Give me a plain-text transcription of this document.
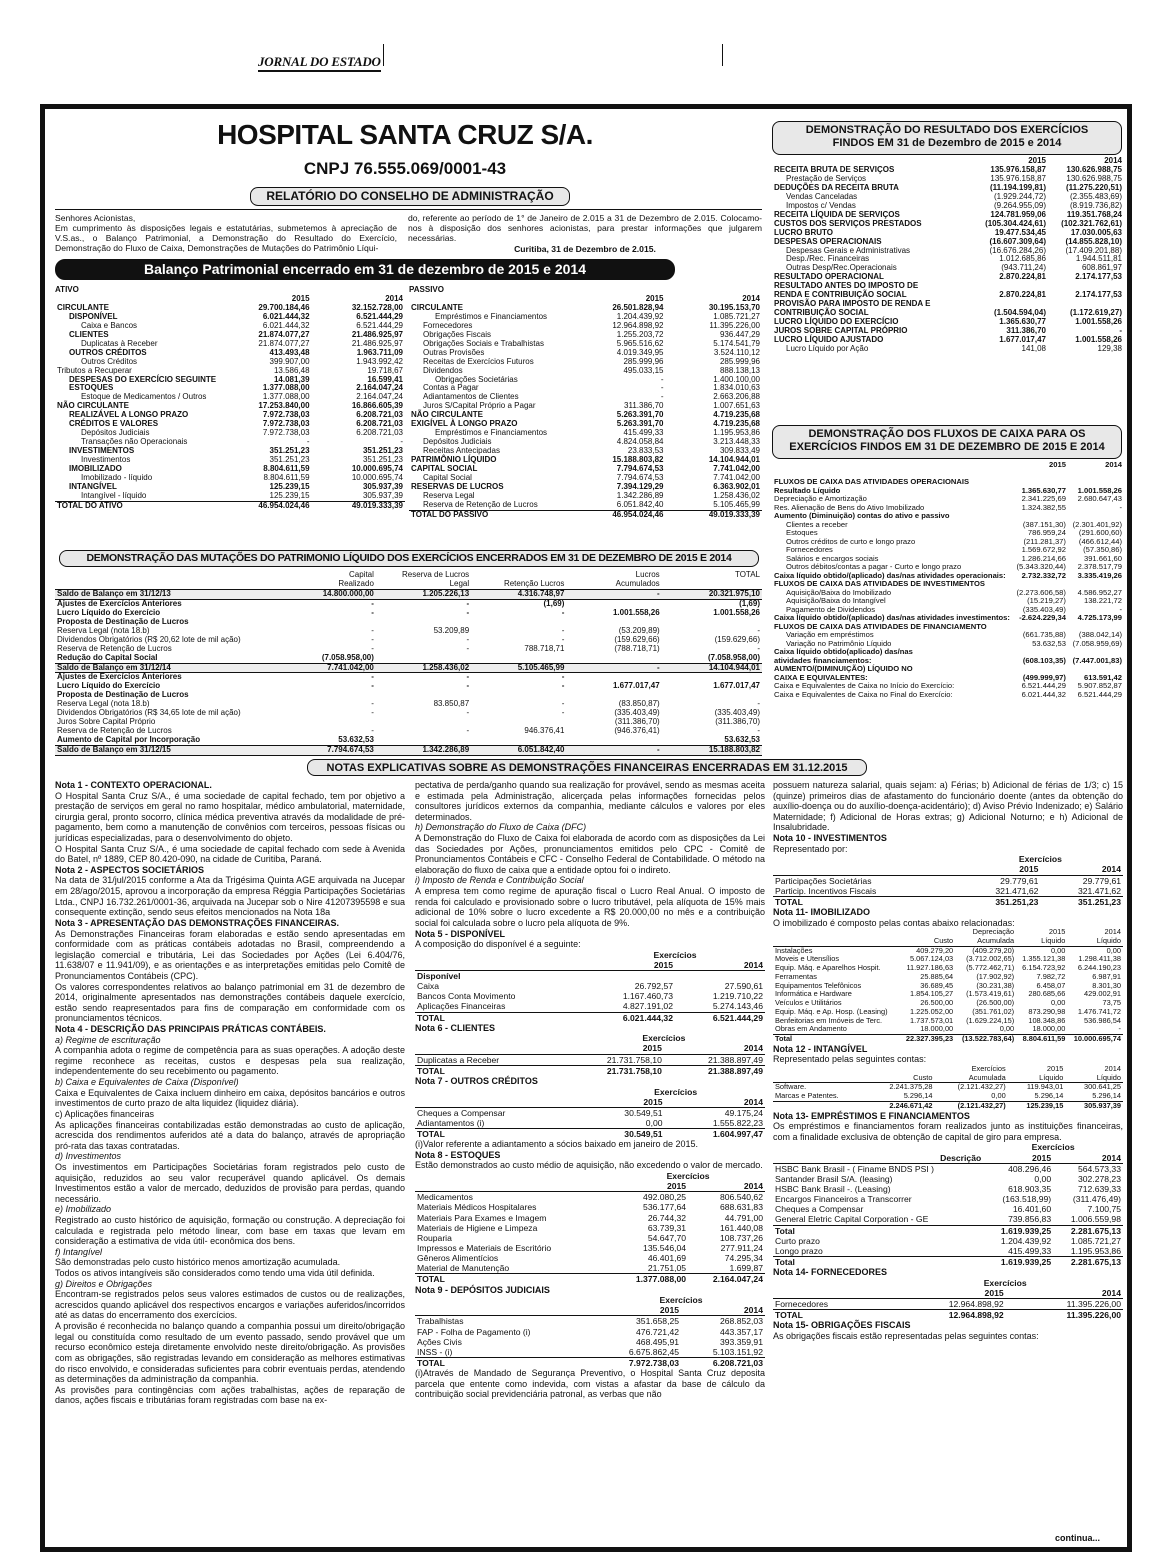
JORNAL DO ESTADO
HOSPITAL SANTA CRUZ S/A.
CNPJ 76.555.069/0001-43
RELATÓRIO DO CONSELHO DE ADMINISTRAÇÃO
Senhores Acionistas,
Em cumprimento às disposições legais e estatutárias, submetemos à apreciação de V.S.as., o Balanço Patrimonial, a Demonstração do Resultado do Exercício, Demonstração do Fluxo de Caixa, Demonstrações de Mutações do Patrimônio Líqui-
do, referente ao período de 1° de Janeiro de 2.015 a 31 de Dezembro de 2.015. Colocamo-nos à disposição dos senhores acionistas, para prestar informações que julgarem necessárias.
Curitiba, 31 de Dezembro de 2.015.
Balanço Patrimonial encerrado em 31 de dezembro de 2015 e 2014
ATIVO
	2015	2014
CIRCULANTE	29.700.184,46	32.152.728,00
DISPONÍVEL	6.021.444,32	6.521.444,29
Caixa e Bancos	6.021.444,32	6.521.444,29
CLIENTES	21.874.077,27	21.486.925,97
Duplicatas à Receber	21.874.077,27	21.486.925,97
OUTROS CRÉDITOS	413.493,48	1.963.711,09
Outros Créditos	399.907,00	1.943.992,42
Tributos a Recuperar	13.586,48	19.718,67
DESPESAS DO EXERCÍCIO SEGUINTE	14.081,39	16.599,41
ESTOQUES	1.377.088,00	2.164.047,24
Estoque de Medicamentos / Outros	1.377.088,00	2.164.047,24
NÃO CIRCULANTE	17.253.840,00	16.866.605,39
REALIZÁVEL A LONGO PRAZO	7.972.738,03	6.208.721,03
CRÉDITOS E VALORES	7.972.738,03	6.208.721,03
Depósitos Judiciais	7.972.738,03	6.208.721,03
Transações não Operacionais	-	-
INVESTIMENTOS	351.251,23	351.251,23
Investimentos	351.251,23	351.251,23
IMOBILIZADO	8.804.611,59	10.000.695,74
Imobilizado - líquido	8.804.611,59	10.000.695,74
INTANGÍVEL	125.239,15	305.937,39
Intangível - líquido	125.239,15	305.937,39
TOTAL DO ATIVO	46.954.024,46	49.019.333,39
PASSIVO
	2015	2014
CIRCULANTE	26.501.828,94	30.195.153,70
Empréstimos e Financiamentos	1.204.439,92	1.085.721,27
Fornecedores	12.964.898,92	11.395.226,00
Obrigações Fiscais	1.255.203,72	936.447,29
Obrigações Sociais e Trabalhistas	5.965.516,62	5.174.541,79
Outras Provisões	4.019.349,95	3.524.110,12
Receitas de Exercícios Futuros	285.999,96	285.999,96
Dividendos	495.033,15	888.138,13
Obrigações Societárias	-	1.400.100,00
Contas a Pagar	-	1.834.010,63
Adiantamentos de Clientes	-	2.663.206,88
Juros S/Capital Próprio a Pagar	311.386,70	1.007.651,63
NÃO CIRCULANTE	5.263.391,70	4.719.235,68
EXIGÍVEL À LONGO PRAZO	5.263.391,70	4.719.235,68
Empréstimos e Financiamentos	415.499,33	1.195.953,86
Depósitos Judiciais	4.824.058,84	3.213.448,33
Receitas Antecipadas	23.833,53	309.833,49
PATRIMÔNIO LÍQUIDO	15.188.803,82	14.104.944,01
CAPITAL SOCIAL	7.794.674,53	7.741.042,00
Capital Social	7.794.674,53	7.741.042,00
RESERVAS DE LUCROS	7.394.129,29	6.363.902,01
Reserva Legal	1.342.286,89	1.258.436,02
Reserva de Retenção de Lucros	6.051.842,40	5.105.465,99
TOTAL DO PASSIVO	46.954.024,46	49.019.333,39
DEMONSTRAÇÃO DAS MUTAÇÕES DO PATRIMONIO LÍQUIDO DOS EXERCÍCIOS ENCERRADOS EM 31 DE DEZEMBRO DE 2015 E 2014
	Capital	Reserva de Lucros		Lucros	TOTAL
	Realizado	Legal	Retenção Lucros	Acumulados	
Saldo de Balanço em 31/12/13	14.800.000,00	1.205.226,13	4.316.748,97	-	20.321.975,10
Ajustes de Exercícios Anteriores	-	-	(1,69)		(1,69)
Lucro Líquido do Exercício	-	-	-	1.001.558,26	1.001.558,26
Proposta de Destinação de Lucros					
Reserva Legal (nota 18.b)	-	53.209,89	-	(53.209,89)	-
Dividendos Obrigatórios (R$ 20,62 lote de mil ação)	-	-	-	(159.629,66)	(159.629,66)
Reserva de Retenção de Lucros	-	-	788.718,71	(788.718,71)	-
Redução do Capital Social	(7.058.958,00)				(7.058.958,00)
Saldo de Balanço em 31/12/14	7.741.042,00	1.258.436,02	5.105.465,99	-	14.104.944,01
Ajustes de Exercícios Anteriores	-	-	-		
Lucro Líquido do Exercício	-	-	-	1.677.017,47	1.677.017,47
Proposta de Destinação de Lucros					
Reserva Legal (nota 18.b)	-	83.850,87	-	(83.850,87)	-
Dividendos Obrigatórios (R$ 34,65 lote de mil ação)	-	-	-	(335.403,49)	(335.403,49)
Juros Sobre Capital Próprio				(311.386,70)	(311.386,70)
Reserva de Retenção de Lucros	-	-	946.376,41	(946.376,41)	-
Aumento de Capital por Incorporação	53.632,53				53.632,53
Saldo de Balanço em 31/12/15	7.794.674,53	1.342.286,89	6.051.842,40	-	15.188.803,82
DEMONSTRAÇÃO DO RESULTADO DOS EXERCÍCIOS FINDOS EM 31 de Dezembro de 2015 e 2014
	2015	2014
RECEITA BRUTA DE SERVIÇOS	135.976.158,87	130.626.988,75
Prestação de Serviços	135.976.158,87	130.626.988,75
DEDUÇÕES DA RECEITA BRUTA	(11.194.199,81)	(11.275.220,51)
Vendas Canceladas	(1.929.244,72)	(2.355.483,69)
Impostos c/ Vendas	(9.264.955,09)	(8.919.736,82)
RECEITA LÍQUIDA DE SERVIÇOS	124.781.959,06	119.351.768,24
CUSTOS DOS SERVIÇOS PRESTADOS	(105.304.424,61)	(102.321.762,61)
LUCRO BRUTO	19.477.534,45	17.030.005,63
DESPESAS OPERACIONAIS	(16.607.309,64)	(14.855.828,10)
Despesas Gerais e Administrativas	(16.676.284,26)	(17.409.201,88)
Desp./Rec. Financeiras	1.012.685,86	1.944.511,81
Outras Desp/Rec.Operacionais	(943.711,24)	608.861,97
RESULTADO OPERACIONAL	2.870.224,81	2.174.177,53
RESULTADO ANTES DO IMPOSTO DE		
RENDA E CONTRIBUIÇÃO SOCIAL	2.870.224,81	2.174.177,53
PROVISÃO PARA IMPOSTO DE RENDA E		
CONTRIBUIÇÃO SOCIAL	(1.504.594,04)	(1.172.619,27)
LUCRO LÍQUIDO DO EXERCÍCIO	1.365.630,77	1.001.558,26
JUROS SOBRE CAPITAL PRÓPRIO	311.386,70	-
LUCRO LÍQUIDO AJUSTADO	1.677.017,47	1.001.558,26
Lucro Líquido por Ação	141,08	129,38
DEMONSTRAÇÃO DOS FLUXOS DE CAIXA PARA OS EXERCÍCIOS FINDOS EM 31 DE DEZEMBRO DE 2015 E 2014
	2015	2014

FLUXOS DE CAIXA DAS ATIVIDADES OPERACIONAIS		
Resultado Líquido	1.365.630,77	1.001.558,26
Depreciação e Amortização	2.341.225,69	2.680.647,43
Res. Alienação de Bens do Ativo Imobilizado	1.324.382,55	-
Aumento (Diminuição) contas do ativo e passivo		
Clientes a receber	(387.151,30)	(2.301.401,92)
Estoques	786.959,24	(291.600,60)
Outros créditos de curto e longo prazo	(211.281,37)	(466.612,44)
Fornecedores	1.569.672,92	(57.350,86)
Salários e encargos sociais	1.286.214,66	391.661,60
Outros débitos/contas a pagar - Curto e longo prazo	(5.343.320,44)	2.378.517,79
Caixa líquido obtido/(aplicado) das/nas atividades operacionais:	2.732.332,72	3.335.419,26
FLUXOS DE CAIXA DAS ATIVIDADES DE INVESTIMENTOS		
Aquisição/Baixa do Imobilizado	(2.273.606,58)	4.586.952,27
Aquisição/Baixa do Intangível	(15.219,27)	138.221,72
Pagamento de Dividendos	(335.403,49)	-
Caixa líquido obtido/(aplicado) das/nas atividades investimentos:	-2.624.229,34	4.725.173,99
FLUXOS DE CAIXA DAS ATIVIDADES DE FINANCIAMENTO		
Variação em empréstimos	(661.735,88)	(388.042,14)
Variação no Patrimônio Líquido	53.632,53	(7.058.959,69)
Caixa líquido obtido(aplicado) das/nas		
atividades financiamentos:	(608.103,35)	(7.447.001,83)
AUMENTO/(DIMINUIÇÃO) LÍQUIDO NO		
CAIXA E EQUIVALENTES:	(499.999,97)	613.591,42
Caixa e Equivalentes de Caixa no Início do Exercício:	6.521.444,29	5.907.852,87
Caixa e Equivalentes de Caixa no Final do Exercício:	6.021.444,32	6.521.444,29
NOTAS EXPLICATIVAS SOBRE AS DEMONSTRAÇÕES FINANCEIRAS ENCERRADAS EM 31.12.2015
Nota 1 - CONTEXTO OPERACIONAL.
O Hospital Santa Cruz S/A., é uma sociedade de capital fechado, tem por objetivo a prestação de serviços em geral no ramo hospitalar, médico ambulatorial, maternidade, cirurgia geral, pronto socorro, clínica médica preventiva através da modalidade de pré-pagamento, bem como a manutenção de convênios com terceiros, pessoas físicas ou jurídicas especializadas, para o desenvolvimento do objeto.
O Hospital Santa Cruz S/A., é uma sociedade de capital fechado com sede à Avenida do Batel, nº 1889, CEP 80.420-090, na cidade de Curitiba, Paraná.
Nota 2 - ASPECTOS SOCIETÁRIOS
Na data de 31/jul/2015 conforme a Ata da Trigésima Quinta AGE arquivada na Jucepar em 28/ago/2015, aprovou a incorporação da empresa Réggia Participações Societárias Ltda., CNPJ 16.732.261/0001-36, arquivada na Jucepar sob o Nire 41207395598 e sua consequente extinção, sendo seus efeitos mencionados na Nota 18a
Nota 3 - APRESENTAÇÃO DAS DEMONSTRAÇÕES FINANCEIRAS.
As Demonstrações Financeiras foram elaboradas e estão sendo apresentadas em conformidade com as práticas contábeis adotadas no Brasil, compreendendo a legislação comercial e tributária, Lei das Sociedades por Ações (Lei 6.404/76, 11.638/07 e 11.941/09), e as orientações e as interpretações emitidas pelo Comitê de Pronunciamentos Contábeis (CPC).
Os valores correspondentes relativos ao balanço patrimonial em 31 de dezembro de 2014, originalmente apresentados nas demonstrações contábeis daquele exercício, estão sendo reapresentados para fins de comparação em conformidade com os pronunciamentos técnicos.
Nota 4 - DESCRIÇÃO DAS PRINCIPAIS PRÁTICAS CONTÁBEIS.
a) Regime de escrituração
A companhia adota o regime de competência para as suas operações. A adoção deste regime reconhece as receitas, custos e despesas pela sua realização, independentemente do seu recebimento ou pagamento.
b) Caixa e Equivalentes de Caixa (Disponível)
Caixa e Equivalentes de Caixa incluem dinheiro em caixa, depósitos bancários e outros investimentos de curto prazo de alta liquidez (liquidez diária).
c) Aplicações financeiras
As aplicações financeiras contabilizadas estão demonstradas ao custo de aplicação, acrescida dos rendimentos auferidos até a data do balanço, através de apropriação pró-rata das taxas contratadas.
d) Investimentos
Os investimentos em Participações Societárias foram registrados pelo custo de aquisição, reduzidos ao seu valor recuperável quando aplicável. Os demais Investimentos estão a valor de mercado, deduzidos de provisão para perdas, quando necessário.
e) Imobilizado
Registrado ao custo histórico de aquisição, formação ou construção. A depreciação foi calculada e registrada pelo método linear, com base em taxas que levam em consideração a estimativa de vida útil- econômica dos bens.
f) Intangível
São demonstradas pelo custo histórico menos amortização acumulada.
Todos os ativos intangíveis são considerados como tendo uma vida útil definida.
g) Direitos e Obrigações
Encontram-se registrados pelos seus valores estimados de custos ou de realizações, acrescidos quando aplicável dos respectivos encargos e variações auferidos/incorridos até as datas do encerramento dos exercícios.
A provisão é reconhecida no balanço quando a companhia possui um direito/obrigação legal ou constituída como resultado de um evento passado, sendo provável que um recurso econômico esteja diretamente envolvido neste direito/obrigação. As provisões com as obrigações, são registradas levando em consideração as melhores estimativas do risco envolvido, e consideradas suficientes para cobrir eventuais perdas, atendendo as determinações da administração da companhia.
As provisões para contingências com ações trabalhistas, ações de reparação de danos, ações fiscais e tributárias foram registradas com base na ex-
pectativa de perda/ganho quando sua realização for provável, sendo as mesmas aceita e estimada pela Administração, alicerçada pelas informações fornecidas pelos consultores jurídicos externos da companhia, mediante cálculos e valores por eles determinados.
h) Demonstração do Fluxo de Caixa (DFC)
A Demonstração do Fluxo de Caixa foi elaborada de acordo com as disposições da Lei das Sociedades por Ações, pronunciamentos emitidos pelo CPC - Comitê de Pronunciamentos Contábeis e CFC - Conselho Federal de Contabilidade. O método na elaboração do fluxo de caixa que a entidade optou foi o indireto.
i) Imposto de Renda e Contribuição Social
A empresa tem como regime de apuração fiscal o Lucro Real Anual. O imposto de renda foi calculado e provisionado sobre o lucro tributável, pela alíquota de 15% mais adicional de 10% sobre o lucro excedente a R$ 20.000,00 no mês e a contribuição social foi calculada sobre o lucro pela alíquota de 9%.
Nota 5 - DISPONÍVEL
A composição do disponível é a seguinte:
	Exercícios	
	2015	2014
Disponível		
Caixa	26.792,57	27.590,61
Bancos Conta Movimento	1.167.460,73	1.219.710,22
Aplicações Financeiras	4.827.191,02	5.274.143,46
TOTAL	6.021.444,32	6.521.444,29
Nota 6 - CLIENTES
	Exercícios	
	2015	2014
Duplicatas a Receber	21.731.758,10	21.388.897,49
TOTAL	21.731.758,10	21.388.897,49
Nota 7 - OUTROS CRÉDITOS
	Exercícios	
	2015	2014
Cheques a Compensar	30.549,51	49.175,24
Adiantamentos (i)	0,00	1.555.822,23
TOTAL	30.549,51	1.604.997,47
(i)Valor referente a adiantamento a sócios baixado em janeiro de 2015.
Nota 8 - ESTOQUES
Estão demonstrados ao custo médio de aquisição, não excedendo o valor de mercado.
	Exercícios	
	2015	2014
Medicamentos	492.080,25	806.540,62
Materiais Médicos Hospitalares	536.177,64	688.631,83
Materiais Para Exames e Imagem	26.744,32	44.791,00
Materiais de Higiene e Limpeza	63.739,31	161.440,08
Rouparia	54.647,70	108.737,26
Impressos e Materiais de Escritório	135.546,04	277.911,24
Gêneros Alimentícios	46.401,69	74.295,34
Material de Manutenção	21.751,05	1.699,87
TOTAL	1.377.088,00	2.164.047,24
Nota 9 - DEPÓSITOS JUDICIAIS
	Exercícios	
	2015	2014
Trabalhistas	351.658,25	268.852,03
FAP - Folha de Pagamento (i)	476.721,42	443.357,17
Ações Civis	468.495,91	393.359,91
INSS - (i)	6.675.862,45	5.103.151,92
TOTAL	7.972.738,03	6.208.721,03
(i)Através de Mandado de Segurança Preventivo, o Hospital Santa Cruz deposita parcela que entente como indevida, com vistas a afastar da base de cálculo da contribuição social previdenciária patronal, as verbas que não
possuem natureza salarial, quais sejam: a) Férias; b) Adicional de férias de 1/3; c) 15 (quinze) primeiros dias de afastamento do funcionário doente (antes da obtenção do auxílio-doença ou do auxílio-doença-acidentário); d) Aviso Prévio Indenizado; e) Salário Maternidade; f) Adicional de Horas extras; g) Adicional Noturno; e h) Adicional de Insalubridade.
Nota 10 - INVESTIMENTOS
Representado por:
	Exercícios	
	2015	2014
Participações Societárias	29.779,61	29.779,61
Particip. Incentivos Fiscais	321.471,62	321.471,62
TOTAL	351.251,23	351.251,23
Nota 11- IMOBILIZADO
O imobilizado é composto pelas contas abaixo relacionadas:
		Depreciação	2015	2014
	Custo	Acumulada	Líquido	Líquido
Instalações	409.279,20	(409.279,20)	0,00	0,00
Moveis e Utensílios	5.067.124,03	(3.712.002,65)	1.355.121,38	1.298.411,38
Equip. Máq. e Aparelhos Hospit.	11.927.186,63	(5.772.462,71)	6.154.723,92	6.244.190,23
Ferramentas	25.885,64	(17.902,92)	7.982,72	6.987,91
Equipamentos Telefônicos	36.689,45	(30.231,38)	6.458,07	8.301,30
Informática e Hardware	1.854.105,27	(1.573.419,61)	280.685,66	429.002,91
Veículos e Utilitários	26.500,00	(26.500,00)	0,00	73,75
Equip. Máq. e Ap. Hosp. (Leasing)	1.225.052,00	(351.761,02)	873.290,98	1.476.741,72
Benfeitorias em Imóveis de Terc.	1.737.573,01	(1.629.224,15)	108.348,86	536.986,54
Obras em Andamento	18.000,00	0,00	18.000,00	-
Total	22.327.395,23	(13.522.783,64)	8.804.611,59	10.000.695,74
Nota 12 - INTANGÍVEL
Representado pelas seguintes contas:
		Exercícios	2015	2014
	Custo	Acumulada	Líquido	Líquido
Software.	2.241.375,28	(2.121.432,27)	119.943,01	300.641,25
Marcas e Patentes.	5.296,14	0,00	5.296,14	5.296,14
	2.246.671,42	(2.121.432,27)	125.239,15	305.937,39
Nota 13- EMPRÉSTIMOS E FINANCIAMENTOS
Os empréstimos e financiamentos foram realizados junto as instituições financeiras, com a finalidade exclusiva de obtenção de capital de giro para empresa.
	Exercícios	
Descrição	2015	2014
HSBC Bank Brasil - ( Finame BNDS PSI )	408.296,46	564.573,33
Santander Brasil S/A. (leasing)	0,00	302.278,23
HSBC Bank Brasil -. (Leasing)	618.903,35	712.639,33
Encargos Financeiros a Transcorrer	(163.518,99)	(311.476,49)
Cheques a Compensar	16.401,60	7.100,75
General Eletric Capital Corporation - GE	739.856,83	1.006.559,98
Total	1.619.939,25	2.281.675,13
Curto prazo	1.204.439,92	1.085.721,27
Longo prazo	415.499,33	1.195.953,86
Total	1.619.939,25	2.281.675,13
Nota 14- FORNECEDORES
	Exercícios	
	2015	2014
Fornecedores	12.964.898,92	11.395.226,00
TOTAL	12.964.898,92	11.395.226,00
Nota 15- OBRIGAÇÕES FISCAIS
As obrigações fiscais estão representadas pelas seguintes contas:
continua...
